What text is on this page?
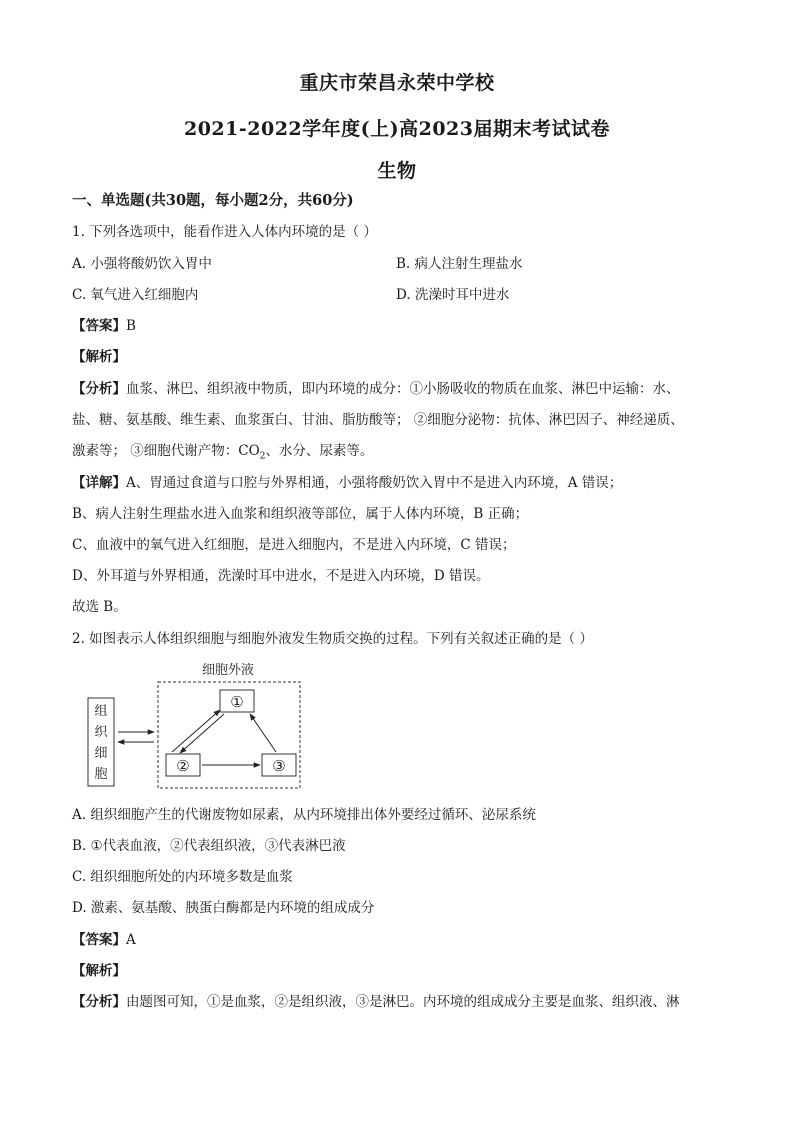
重庆市荣昌永荣中学校
2021-2022学年度(上)高2023届期末考试试卷
生物
一、单选题(共30题，每小题2分，共60分)
1. 下列各选项中，能看作进入人体内环境的是（ ）
A. 小强将酸奶饮入胃中	B. 病人注射生理盐水
C. 氧气进入红细胞内	D. 洗澡时耳中进水
【答案】B
【解析】
【分析】血浆、淋巴、组织液中物质，即内环境的成分：①小肠吸收的物质在血浆、淋巴中运输：水、
盐、糖、氨基酸、维生素、血浆蛋白、甘油、脂肪酸等； ②细胞分泌物：抗体、淋巴因子、神经递质、
激素等； ③细胞代谢产物：$CO_2$、水分、尿素等。
【详解】A、胃通过食道与口腔与外界相通，小强将酸奶饮入胃中不是进入内环境，A 错误；
B、病人注射生理盐水进入血浆和组织液等部位，属于人体内环境，B 正确；
C、血液中的氧气进入红细胞，是进入细胞内，不是进入内环境，C 错误；
D、外耳道与外界相通，洗澡时耳中进水，不是进入内环境，D 错误。
故选 B。
2. 如图表示人体组织细胞与细胞外液发生物质交换的过程。下列有关叙述正确的是（ ）
细胞外液
组
织
细
胞
①
②	③
A. 组织细胞产生的代谢废物如尿素，从内环境排出体外要经过循环、泌尿系统
B. ①代表血液，②代表组织液，③代表淋巴液
C. 组织细胞所处的内环境多数是血浆
D. 激素、氨基酸、胰蛋白酶都是内环境的组成成分
【答案】A
【解析】
【分析】由题图可知，①是血浆，②是组织液，③是淋巴。内环境的组成成分主要是血浆、组织液、淋
